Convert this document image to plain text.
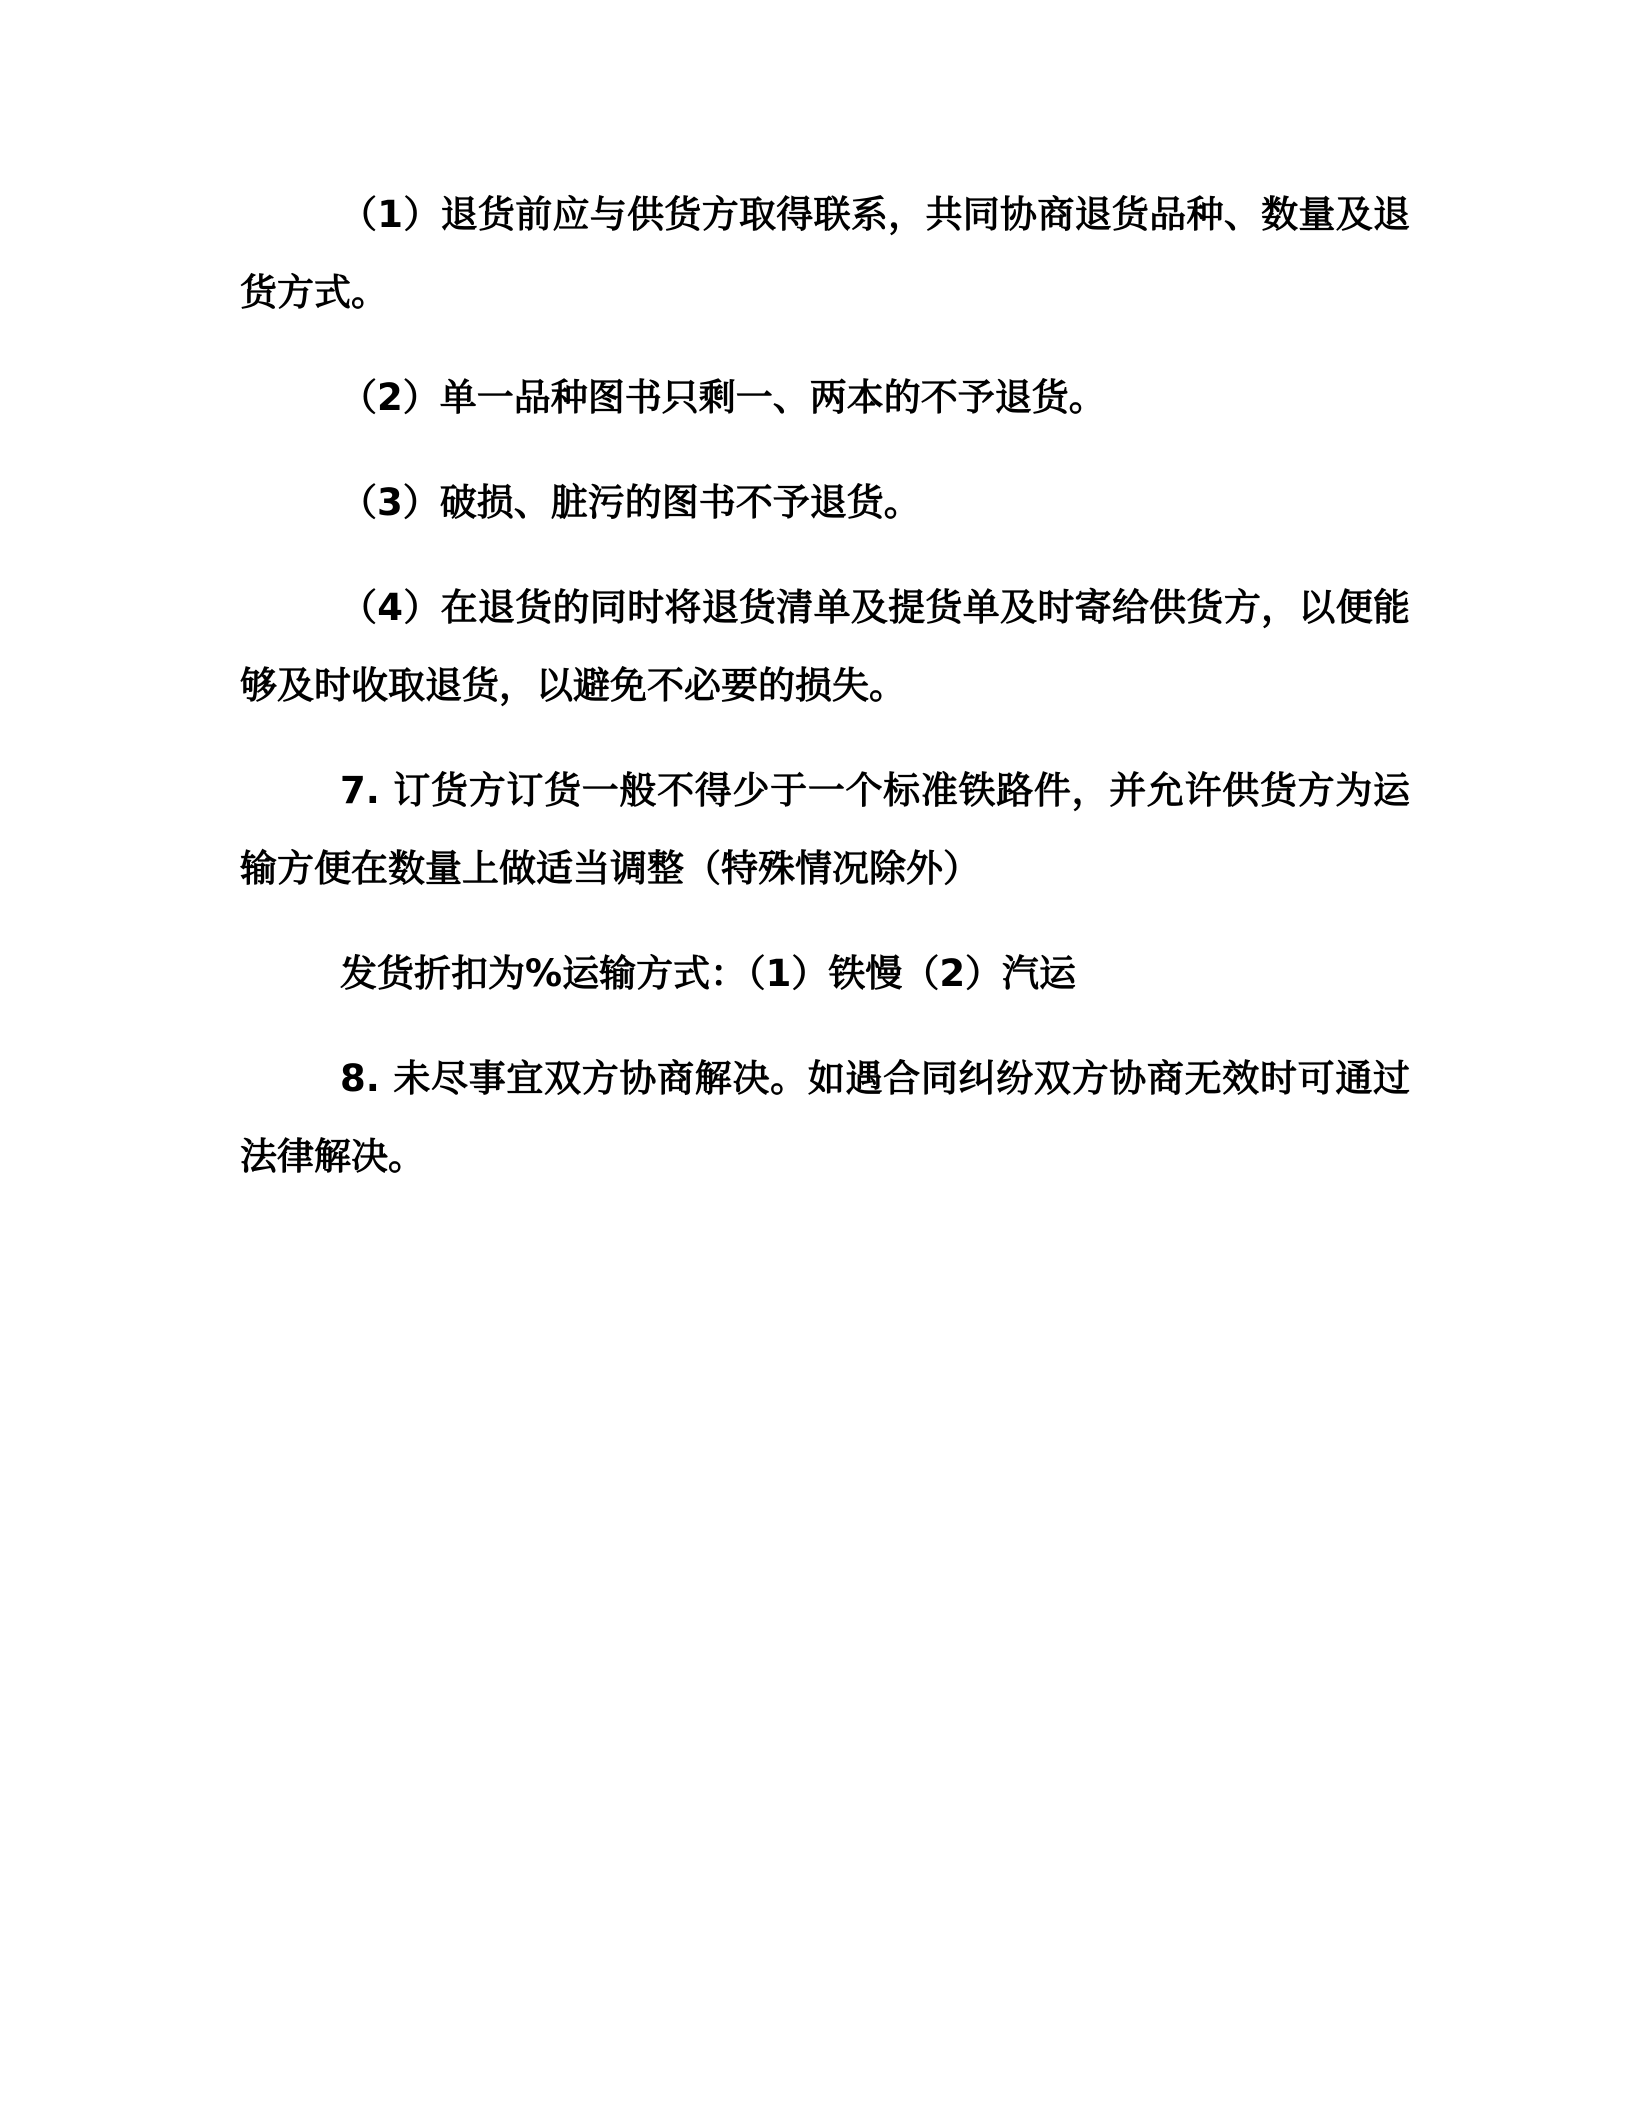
（1）退货前应与供货方取得联系，共同协商退货品种、数量及退货方式。

（2）单一品种图书只剩一、两本的不予退货。

（3）破损、脏污的图书不予退货。

（4）在退货的同时将退货清单及提货单及时寄给供货方，以便能够及时收取退货，以避免不必要的损失。

7. 订货方订货一般不得少于一个标准铁路件，并允许供货方为运输方便在数量上做适当调整（特殊情况除外）

发货折扣为%运输方式：（1）铁慢（2）汽运

8. 未尽事宜双方协商解决。如遇合同纠纷双方协商无效时可通过法律解决。
